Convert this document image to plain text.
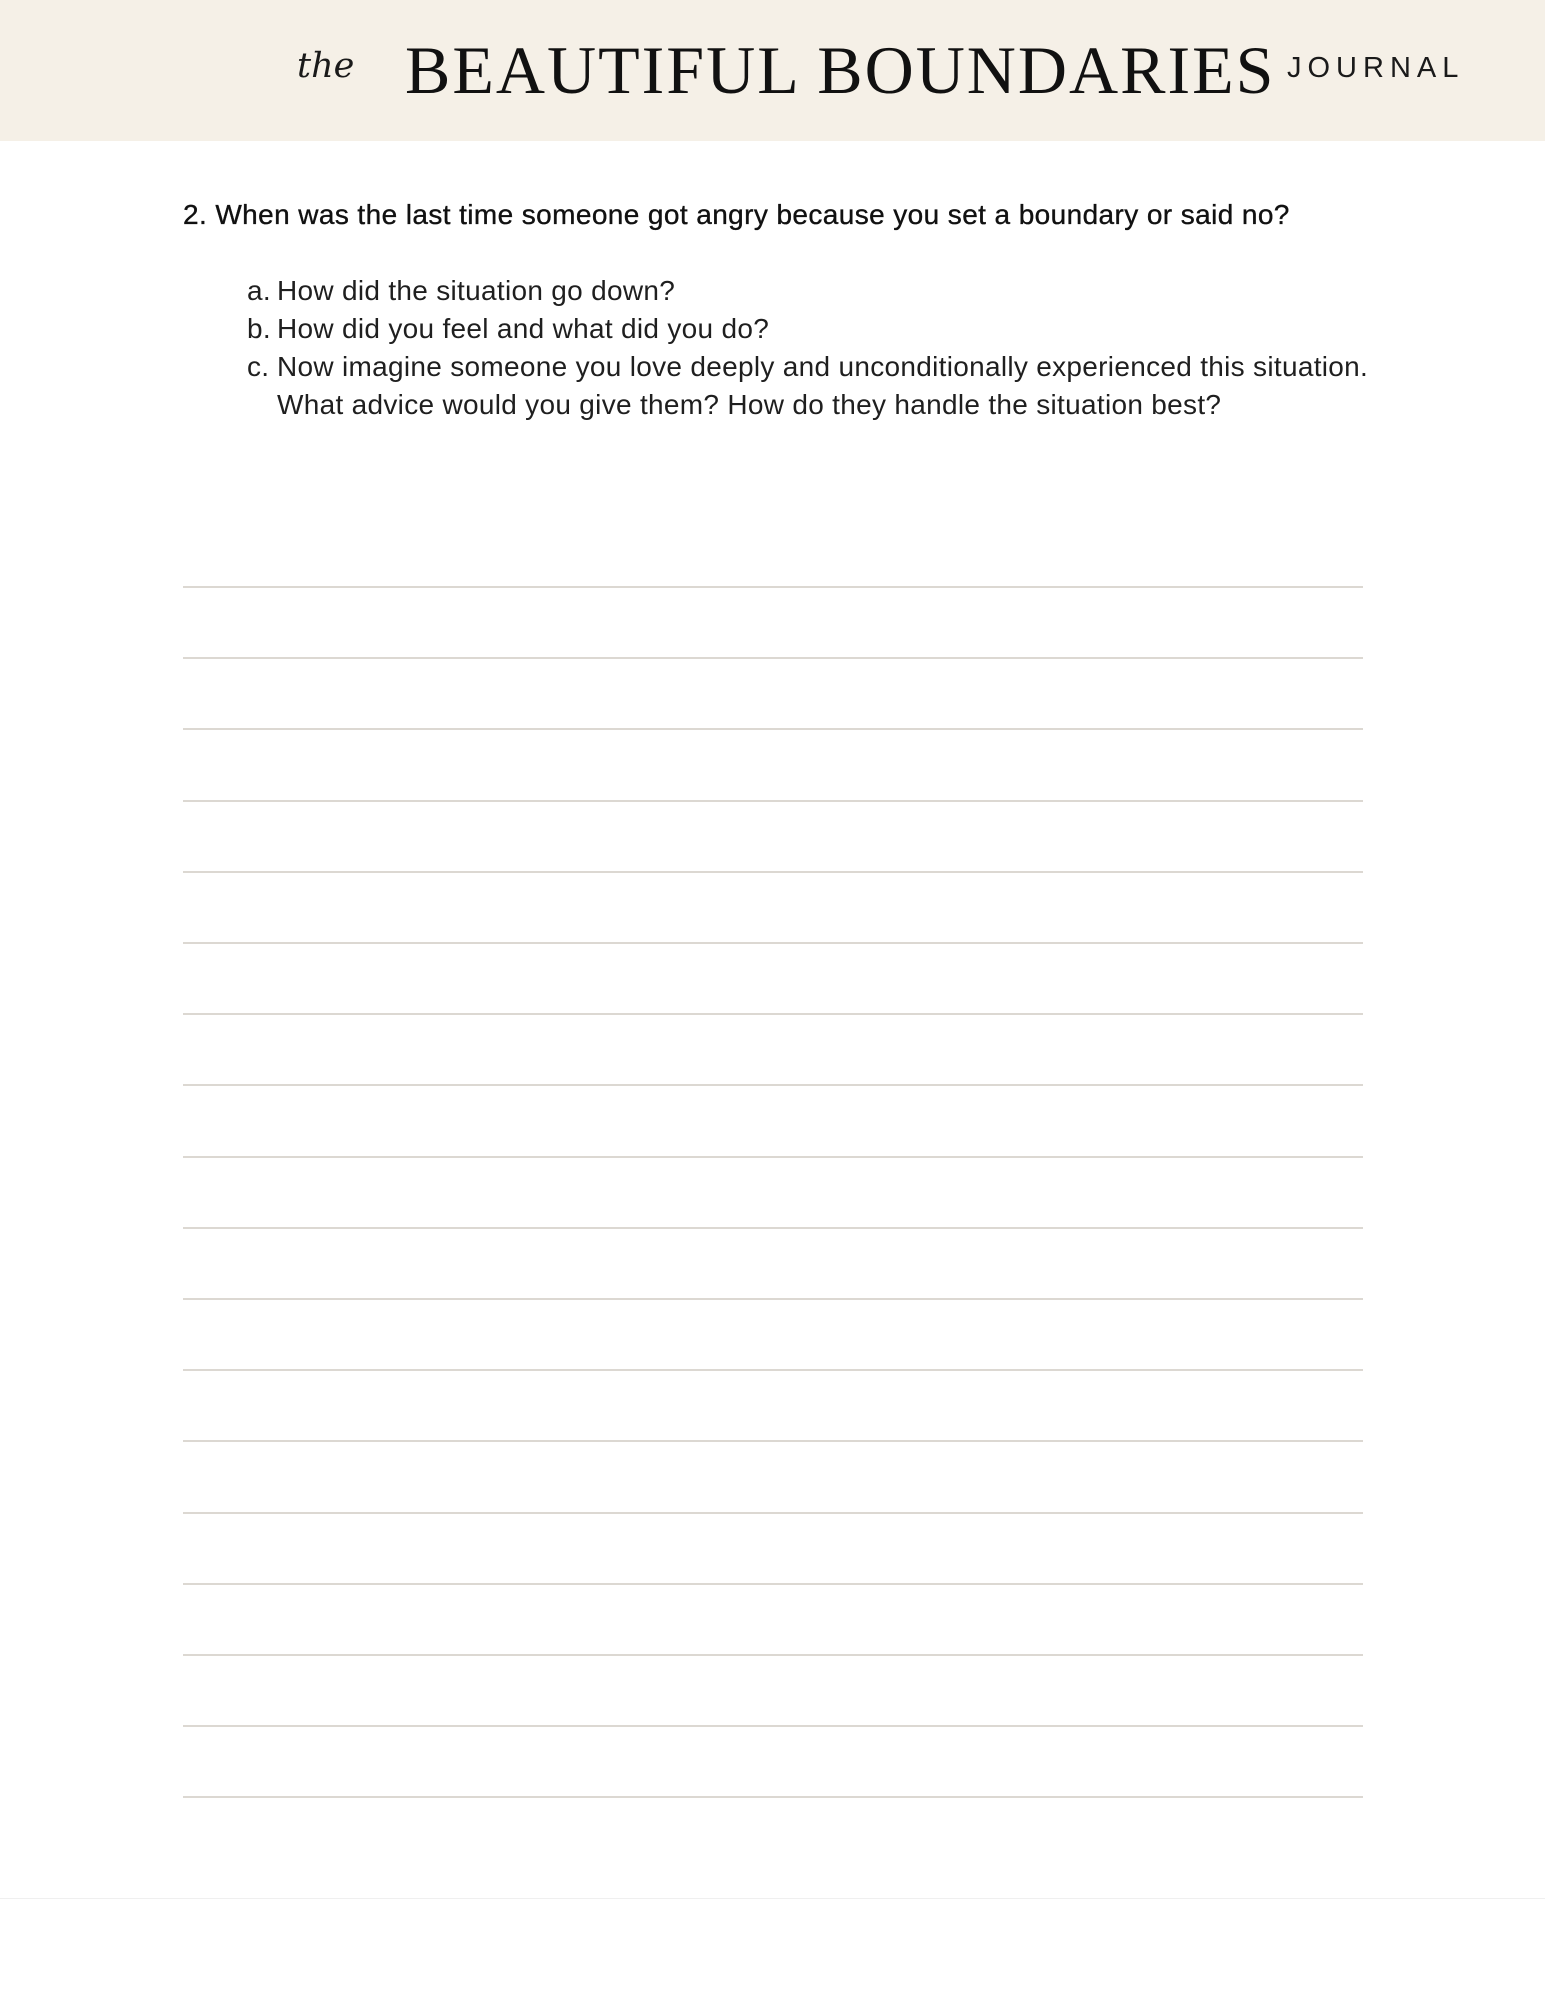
the BEAUTIFUL BOUNDARIES JOURNAL

2. When was the last time someone got angry because you set a boundary or said no?

a. How did the situation go down?
b. How did you feel and what did you do?
c. Now imagine someone you love deeply and unconditionally experienced this situation. What advice would you give them? How do they handle the situation best?
